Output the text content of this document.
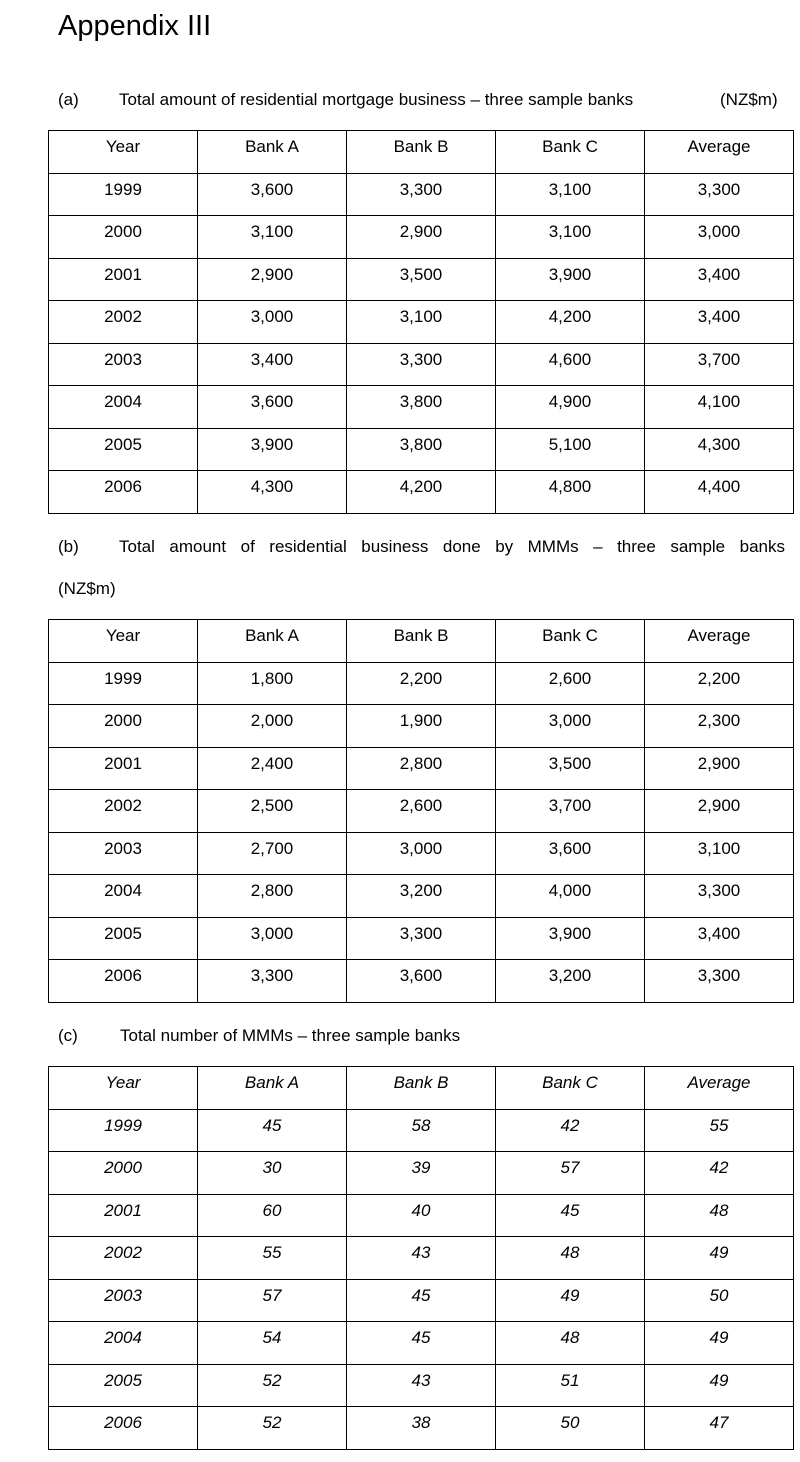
Appendix III
(a) Total amount of residential mortgage business – three sample banks	(NZ$m)
Year	Bank A	Bank B	Bank C	Average
1999	3,600	3,300	3,100	3,300
2000	3,100	2,900	3,100	3,000
2001	2,900	3,500	3,900	3,400
2002	3,000	3,100	4,200	3,400
2003	3,400	3,300	4,600	3,700
2004	3,600	3,800	4,900	4,100
2005	3,900	3,800	5,100	4,300
2006	4,300	4,200	4,800	4,400
(b) Total amount of residential business done by MMMs – three sample banks
(NZ$m)
Year	Bank A	Bank B	Bank C	Average
1999	1,800	2,200	2,600	2,200
2000	2,000	1,900	3,000	2,300
2001	2,400	2,800	3,500	2,900
2002	2,500	2,600	3,700	2,900
2003	2,700	3,000	3,600	3,100
2004	2,800	3,200	4,000	3,300
2005	3,000	3,300	3,900	3,400
2006	3,300	3,600	3,200	3,300
(c) Total number of MMMs – three sample banks
Year	Bank A	Bank B	Bank C	Average
1999	45	58	42	55
2000	30	39	57	42
2001	60	40	45	48
2002	55	43	48	49
2003	57	45	49	50
2004	54	45	48	49
2005	52	43	51	49
2006	52	38	50	47
